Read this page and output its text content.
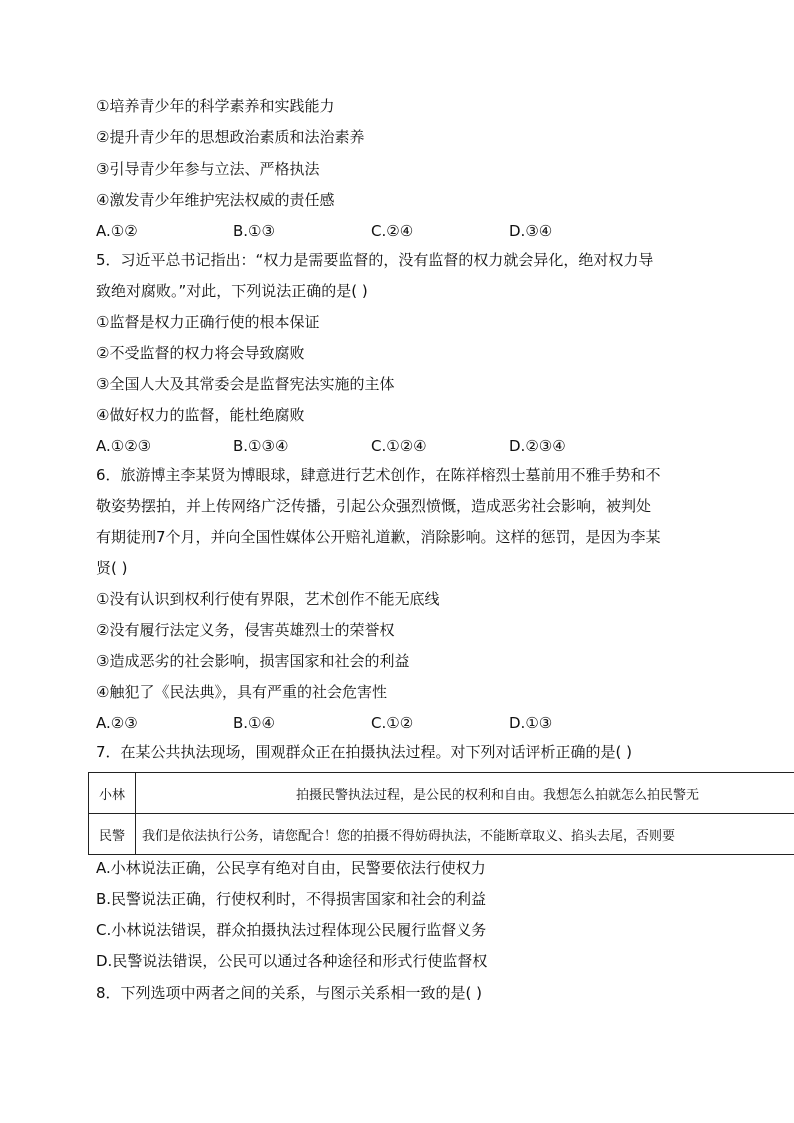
①培养青少年的科学素养和实践能力
②提升青少年的思想政治素质和法治素养
③引导青少年参与立法、严格执法
④激发青少年维护宪法权威的责任感
A.①②	B.①③	C.②④	D.③④
5．习近平总书记指出：“权力是需要监督的，没有监督的权力就会异化，绝对权力导
致绝对腐败。”对此，下列说法正确的是( )
①监督是权力正确行使的根本保证
②不受监督的权力将会导致腐败
③全国人大及其常委会是监督宪法实施的主体
④做好权力的监督，能杜绝腐败
A.①②③	B.①③④	C.①②④	D.②③④
6．旅游博主李某贤为博眼球，肆意进行艺术创作，在陈祥榕烈士墓前用不雅手势和不
敬姿势摆拍，并上传网络广泛传播，引起公众强烈愤慨，造成恶劣社会影响，被判处
有期徒刑7个月，并向全国性媒体公开赔礼道歉，消除影响。这样的惩罚，是因为李某
贤( )
①没有认识到权利行使有界限，艺术创作不能无底线
②没有履行法定义务，侵害英雄烈士的荣誉权
③造成恶劣的社会影响，损害国家和社会的利益
④触犯了《民法典》，具有严重的社会危害性
A.②③	B.①④	C.①②	D.①③
7．在某公共执法现场，围观群众正在拍摄执法过程。对下列对话评析正确的是( )
小林	拍摄民警执法过程，是公民的权利和自由。我想怎么拍就怎么拍民警无
民警	我们是依法执行公务，请您配合！您的拍摄不得妨碍执法，不能断章取义、掐头去尾，否则要
A.小林说法正确，公民享有绝对自由，民警要依法行使权力
B.民警说法正确，行使权利时，不得损害国家和社会的利益
C.小林说法错误，群众拍摄执法过程体现公民履行监督义务
D.民警说法错误，公民可以通过各种途径和形式行使监督权
8．下列选项中两者之间的关系，与图示关系相一致的是( )
